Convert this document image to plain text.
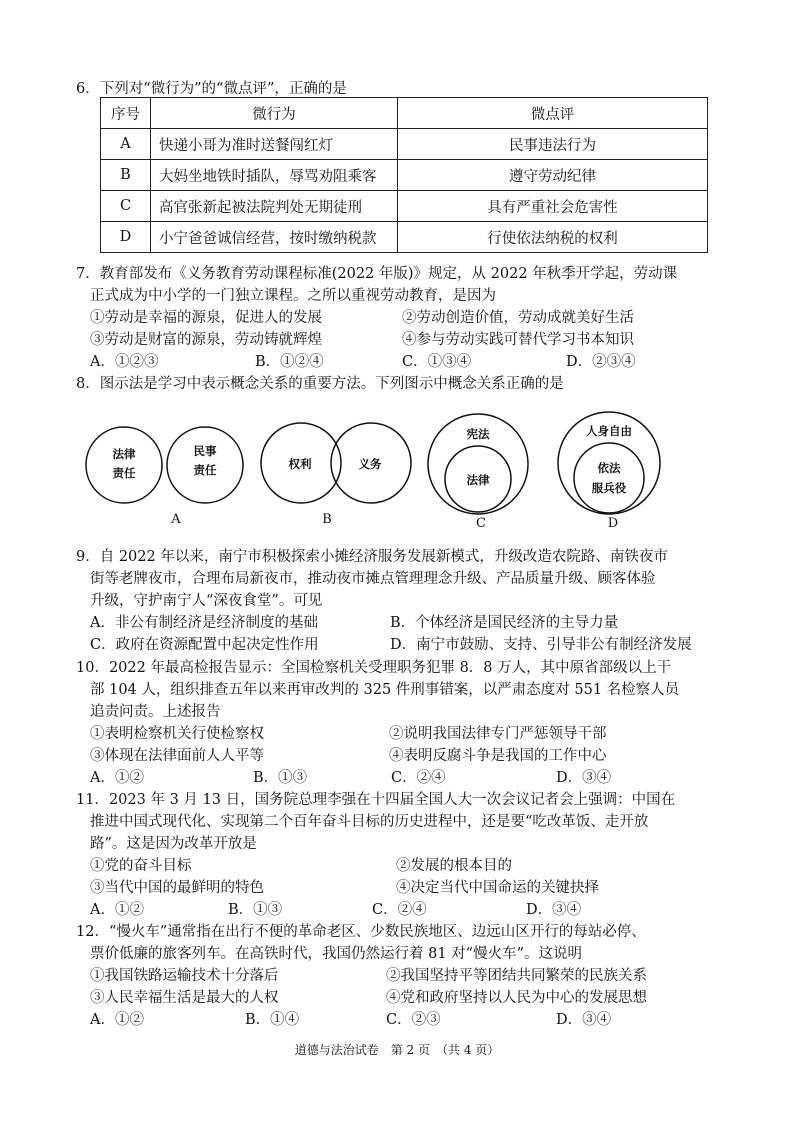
6．下列对“微行为”的“微点评”，正确的是
序号	微行为	微点评
A	快递小哥为准时送餐闯红灯	民事违法行为
B	大妈坐地铁时插队，辱骂劝阻乘客	遵守劳动纪律
C	高官张新起被法院判处无期徒刑	具有严重社会危害性
D	小宁爸爸诚信经营，按时缴纳税款	行使依法纳税的权利
7．教育部发布《义务教育劳动课程标准(2022 年版)》规定，从 2022 年秋季开学起，劳动课
正式成为中小学的一门独立课程。之所以重视劳动教育，是因为
①劳动是幸福的源泉，促进人的发展	②劳动创造价值，劳动成就美好生活
③劳动是财富的源泉，劳动铸就辉煌	④参与劳动实践可替代学习书本知识
A．①②③	B．①②④	C．①③④	D．②③④
8．图示法是学习中表示概念关系的重要方法。下列图示中概念关系正确的是
法律
责任
民事
责任
A
权利	义务
B
宪法
法律
C
人身自由
依法
服兵役
D
9．自 2022 年以来，南宁市积极探索小摊经济服务发展新模式，升级改造农院路、南铁夜市
街等老牌夜市，合理布局新夜市，推动夜市摊点管理理念升级、产品质量升级、顾客体验
升级，守护南宁人“深夜食堂”。可见
A．非公有制经济是经济制度的基础	B．个体经济是国民经济的主导力量
C．政府在资源配置中起决定性作用	D．南宁市鼓励、支持、引导非公有制经济发展
10．2022 年最高检报告显示：全国检察机关受理职务犯罪 8．8 万人，其中原省部级以上干
部 104 人，组织排查五年以来再审改判的 325 件刑事错案，以严肃态度对 551 名检察人员
追责问责。上述报告
①表明检察机关行使检察权	②说明我国法律专门严惩领导干部
③体现在法律面前人人平等	④表明反腐斗争是我国的工作中心
A．①②	B．①③	C．②④	D．③④
11．2023 年 3 月 13 日，国务院总理李强在十四届全国人大一次会议记者会上强调：中国在
推进中国式现代化、实现第二个百年奋斗目标的历史进程中，还是要“吃改革饭、走开放
路”。这是因为改革开放是
①党的奋斗目标	②发展的根本目的
③当代中国的最鲜明的特色	④决定当代中国命运的关键抉择
A．①②	B．①③	C．②④	D．③④
12．“慢火车”通常指在出行不便的革命老区、少数民族地区、边远山区开行的每站必停、
票价低廉的旅客列车。在高铁时代，我国仍然运行着 81 对“慢火车”。这说明
①我国铁路运输技术十分落后	②我国坚持平等团结共同繁荣的民族关系
③人民幸福生活是最大的人权	④党和政府坚持以人民为中心的发展思想
A．①②	B．①④	C．②③	D．③④
道德与法治试卷　第 2 页　（共 4 页）
